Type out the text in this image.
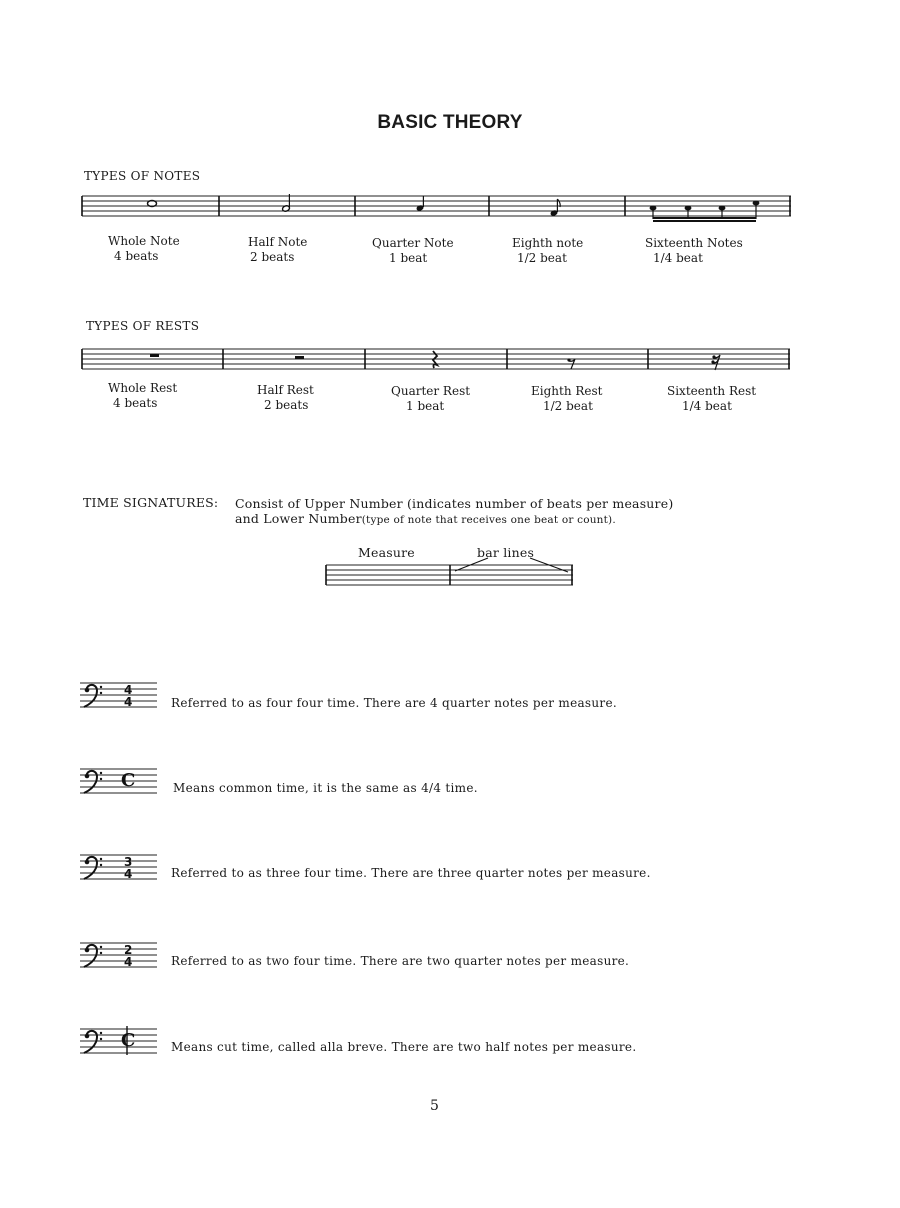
BASIC THEORY
TYPES OF NOTES
Whole Note
4 beats
Half Note
2 beats
Quarter Note
1 beat
Eighth note
1/2 beat
Sixteenth Notes
1/4 beat
TYPES OF RESTS
Whole Rest
4 beats
Half Rest
2 beats
Quarter Rest
1 beat
Eighth Rest
1/2 beat
Sixteenth Rest
1/4 beat
TIME SIGNATURES: Consist of Upper Number (indicates number of beats per measure)
and Lower Number(type of note that receives one beat or count).
Measure	bar lines
4
4
C
3
4
2
4
C
Referred to as four four time. There are 4 quarter notes per measure.
Means common time, it is the same as 4/4 time.
Referred to as three four time. There are three quarter notes per measure.
Referred to as two four time. There are two quarter notes per measure.
Means cut time, called alla breve. There are two half notes per measure.
5
